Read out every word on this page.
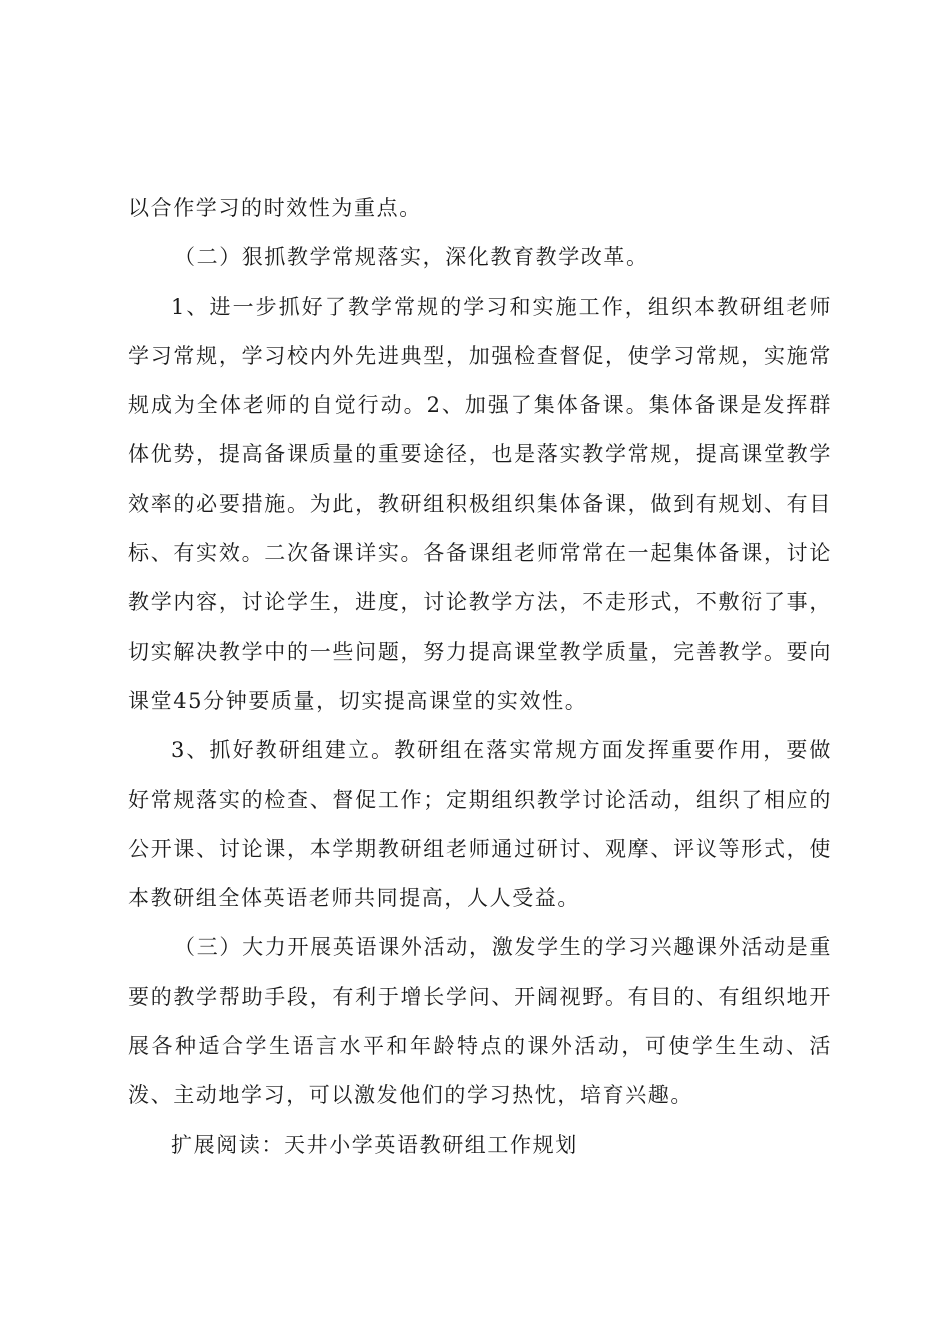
以合作学习的时效性为重点。

（二）狠抓教学常规落实，深化教育教学改革。

1、进一步抓好了教学常规的学习和实施工作，组织本教研组老师学习常规，学习校内外先进典型，加强检查督促，使学习常规，实施常规成为全体老师的自觉行动。2、加强了集体备课。集体备课是发挥群体优势，提高备课质量的重要途径，也是落实教学常规，提高课堂教学效率的必要措施。为此，教研组积极组织集体备课，做到有规划、有目标、有实效。二次备课详实。各备课组老师常常在一起集体备课，讨论教学内容，讨论学生，进度，讨论教学方法，不走形式，不敷衍了事，切实解决教学中的一些问题，努力提高课堂教学质量，完善教学。要向课堂45分钟要质量，切实提高课堂的实效性。

3、抓好教研组建立。教研组在落实常规方面发挥重要作用，要做好常规落实的检查、督促工作；定期组织教学讨论活动，组织了相应的公开课、讨论课，本学期教研组老师通过研讨、观摩、评议等形式，使本教研组全体英语老师共同提高，人人受益。

（三）大力开展英语课外活动，激发学生的学习兴趣课外活动是重要的教学帮助手段，有利于增长学问、开阔视野。有目的、有组织地开展各种适合学生语言水平和年龄特点的课外活动，可使学生生动、活泼、主动地学习，可以激发他们的学习热忱，培育兴趣。

扩展阅读：天井小学英语教研组工作规划
